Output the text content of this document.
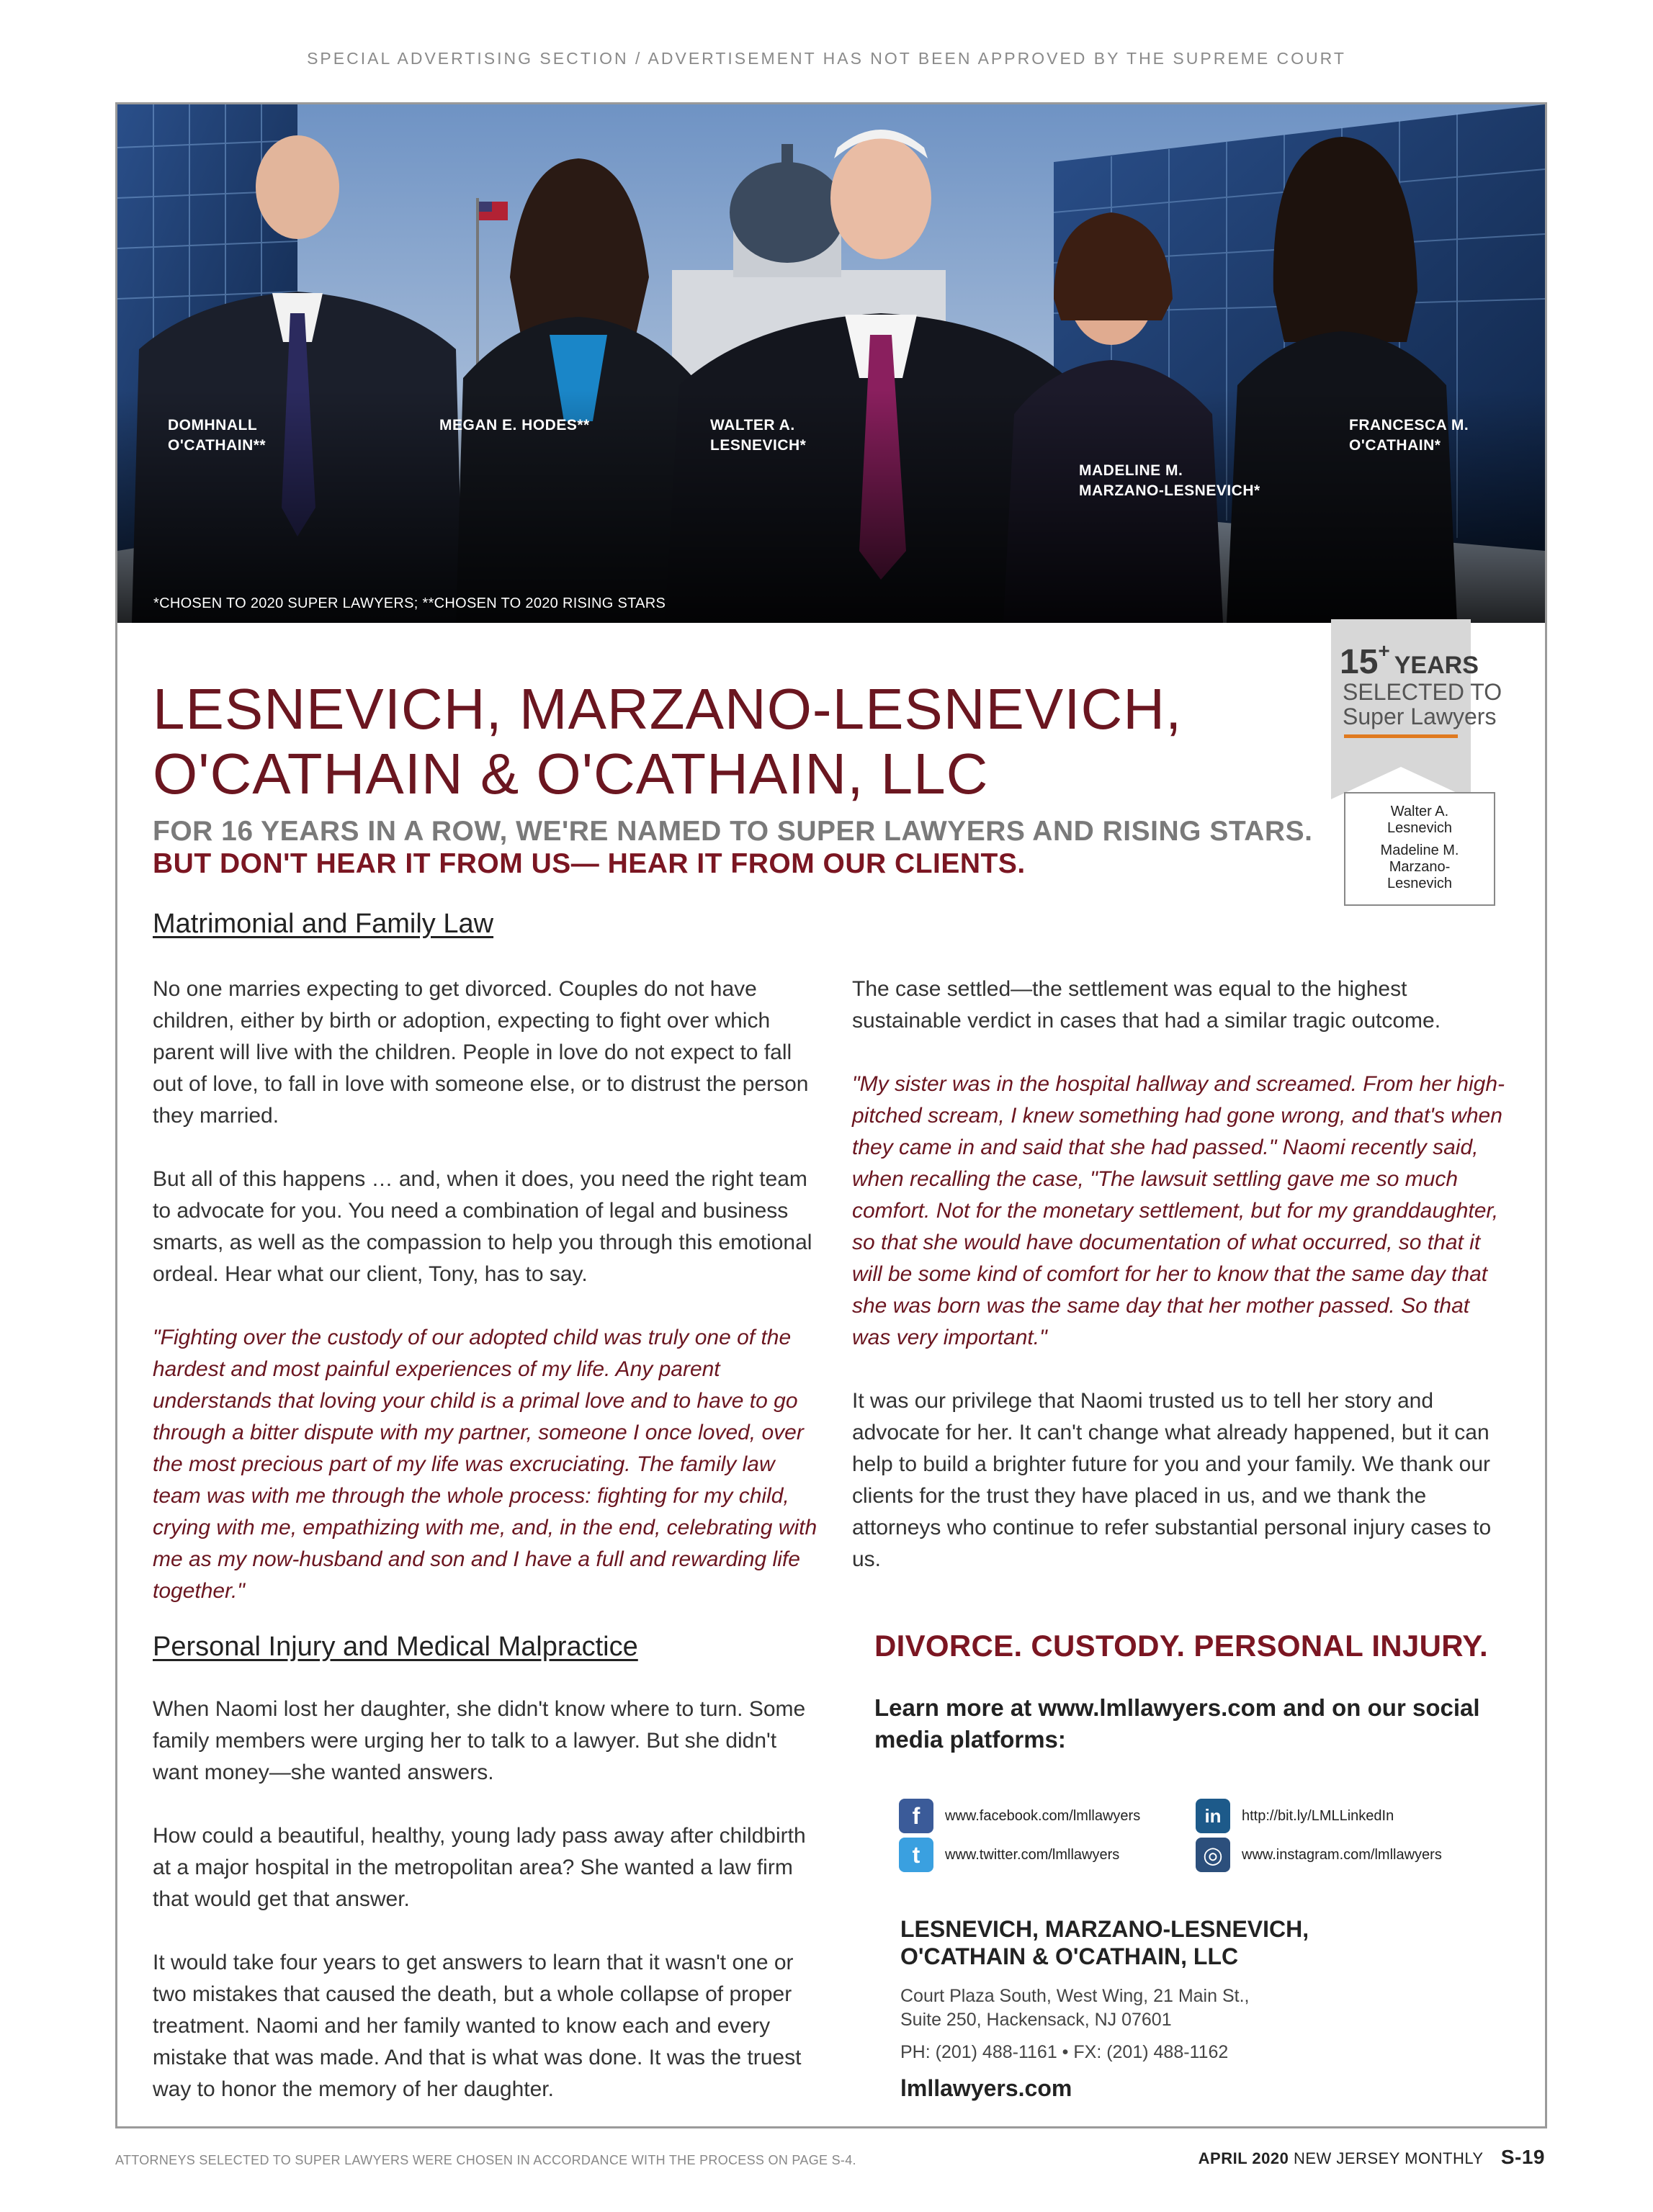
SPECIAL ADVERTISING SECTION / ADVERTISEMENT HAS NOT BEEN APPROVED BY THE SUPREME COURT
DOMHNALL
O'CATHAIN**
MEGAN E. HODES**	WALTER A.
LESNEVICH*
MADELINE M.
MARZANO-LESNEVICH*
FRANCESCA M.
O'CATHAIN*
*CHOSEN TO 2020 SUPER LAWYERS; **CHOSEN TO 2020 RISING STARS
15+YEARS
SELECTED TO
Super Lawyers
Walter A.
Lesnevich
Madeline M.
Marzano-
Lesnevich
LESNEVICH, MARZANO-LESNEVICH,
O'CATHAIN & O'CATHAIN, LLC
FOR 16 YEARS IN A ROW, WE'RE NAMED TO SUPER LAWYERS AND RISING STARS.
BUT DON'T HEAR IT FROM US— HEAR IT FROM OUR CLIENTS.
Matrimonial and Family Law

No one marries expecting to get divorced. Couples do not have children, either by birth or adoption, expecting to fight over which parent will live with the children. People in love do not expect to fall out of love, to fall in love with someone else, or to distrust the person they married.

But all of this happens … and, when it does, you need the right team to advocate for you. You need a combination of legal and business smarts, as well as the compassion to help you through this emotional ordeal. Hear what our client, Tony, has to say.

"Fighting over the custody of our adopted child was truly one of the hardest and most painful experiences of my life. Any parent understands that loving your child is a primal love and to have to go through a bitter dispute with my partner, someone I once loved, over the most precious part of my life was excruciating. The family law team was with me through the whole process: fighting for my child, crying with me, empathizing with me, and, in the end, celebrating with me as my now-husband and son and I have a full and rewarding life together."

Personal Injury and Medical Malpractice

When Naomi lost her daughter, she didn't know where to turn. Some family members were urging her to talk to a lawyer. But she didn't want money—she wanted answers.

How could a beautiful, healthy, young lady pass away after childbirth at a major hospital in the metropolitan area? She wanted a law firm that would get that answer.

It would take four years to get answers to learn that it wasn't one or two mistakes that caused the death, but a whole collapse of proper treatment. Naomi and her family wanted to know each and every mistake that was made. And that is what was done. It was the truest way to honor the memory of her daughter.

The case settled—the settlement was equal to the highest sustainable verdict in cases that had a similar tragic outcome.

"My sister was in the hospital hallway and screamed. From her high-pitched scream, I knew something had gone wrong, and that's when they came in and said that she had passed." Naomi recently said, when recalling the case, "The lawsuit settling gave me so much comfort. Not for the monetary settlement, but for my granddaughter, so that she would have documentation of what occurred, so that it will be some kind of comfort for her to know that the same day that she was born was the same day that her mother passed. So that was very important."

It was our privilege that Naomi trusted us to tell her story and advocate for her. It can't change what already happened, but it can help to build a brighter future for you and your family. We thank our clients for the trust they have placed in us, and we thank the attorneys who continue to refer substantial personal injury cases to us.

DIVORCE. CUSTODY. PERSONAL INJURY.
Learn more at www.lmllawyers.com and on our social media platforms:
f	www.facebook.com/lmllawyers	in	http://bit.ly/LMLLinkedIn
t	www.twitter.com/lmllawyers	◎	www.instagram.com/lmllawyers
LESNEVICH, MARZANO-LESNEVICH,
O'CATHAIN & O'CATHAIN, LLC
Court Plaza South, West Wing, 21 Main St.,
Suite 250, Hackensack, NJ 07601
PH: (201) 488-1161 • FX: (201) 488-1162
lmllawyers.com
ATTORNEYS SELECTED TO SUPER LAWYERS WERE CHOSEN IN ACCORDANCE WITH THE PROCESS ON PAGE S-4.	APRIL 2020 NEW JERSEY MONTHLY S-19
